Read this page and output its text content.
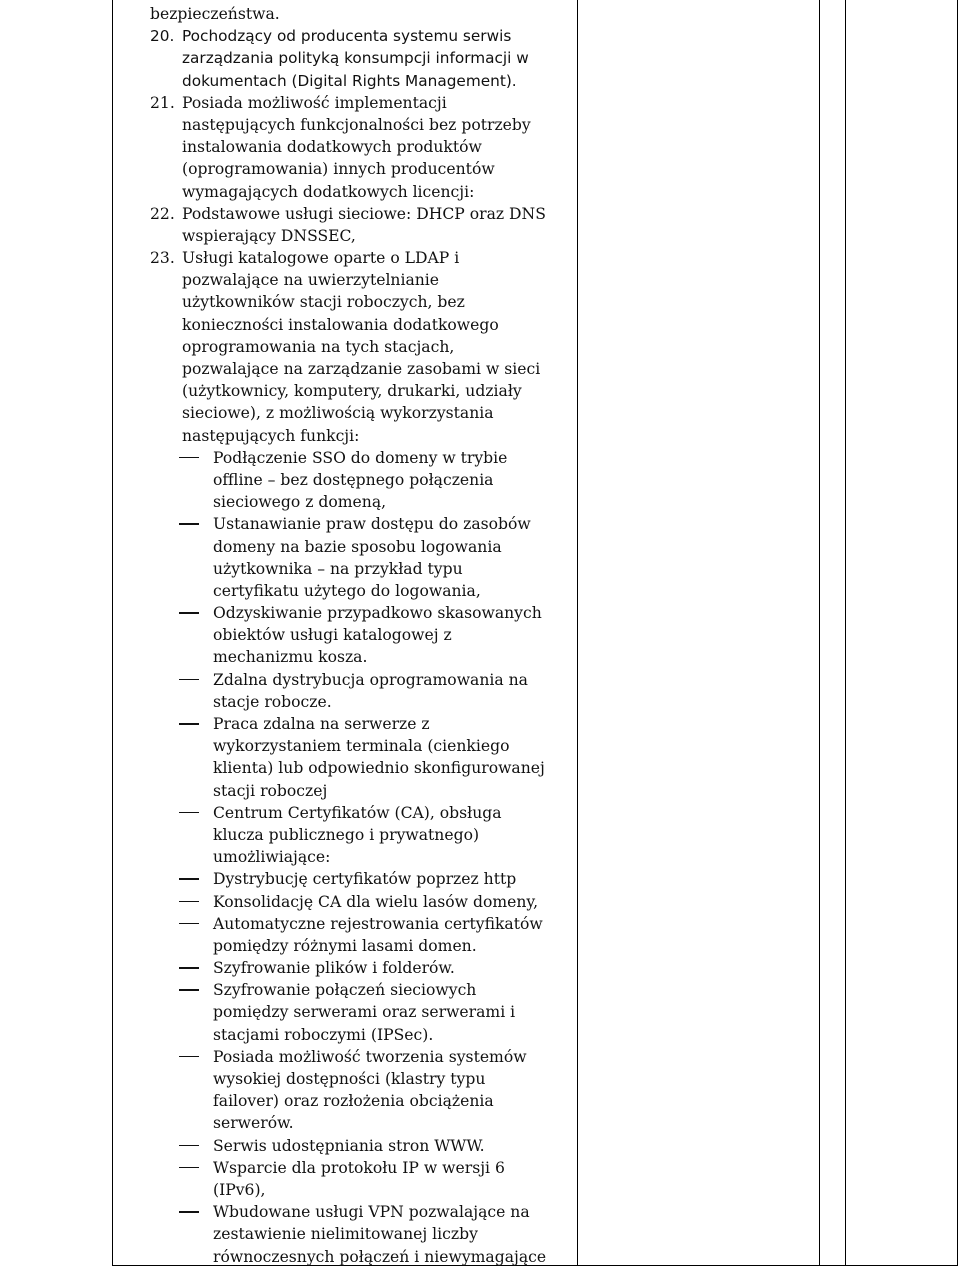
bezpieczeństwa.
20. Pochodzący od producenta systemu serwis
zarządzania polityką konsumpcji informacji w
dokumentach (Digital Rights Management).
21. Posiada możliwość implementacji
następujących funkcjonalności bez potrzeby
instalowania dodatkowych produktów
(oprogramowania) innych producentów
wymagających dodatkowych licencji:
22. Podstawowe usługi sieciowe: DHCP oraz DNS
wspierający DNSSEC,
23. Usługi katalogowe oparte o LDAP i
pozwalające na uwierzytelnianie
użytkowników stacji roboczych, bez
konieczności instalowania dodatkowego
oprogramowania na tych stacjach,
pozwalające na zarządzanie zasobami w sieci
(użytkownicy, komputery, drukarki, udziały
sieciowe), z możliwością wykorzystania
następujących funkcji:
Podłączenie SSO do domeny w trybie
offline – bez dostępnego połączenia
sieciowego z domeną,
Ustanawianie praw dostępu do zasobów
domeny na bazie sposobu logowania
użytkownika – na przykład typu
certyfikatu użytego do logowania,
Odzyskiwanie przypadkowo skasowanych
obiektów usługi katalogowej z
mechanizmu kosza.
Zdalna dystrybucja oprogramowania na
stacje robocze.
Praca zdalna na serwerze z
wykorzystaniem terminala (cienkiego
klienta) lub odpowiednio skonfigurowanej
stacji roboczej
Centrum Certyfikatów (CA), obsługa
klucza publicznego i prywatnego)
umożliwiające:
Dystrybucję certyfikatów poprzez http
Konsolidację CA dla wielu lasów domeny,
Automatyczne rejestrowania certyfikatów
pomiędzy różnymi lasami domen.
Szyfrowanie plików i folderów.
Szyfrowanie połączeń sieciowych
pomiędzy serwerami oraz serwerami i
stacjami roboczymi (IPSec).
Posiada możliwość tworzenia systemów
wysokiej dostępności (klastry typu
failover) oraz rozłożenia obciążenia
serwerów.
Serwis udostępniania stron WWW.
Wsparcie dla protokołu IP w wersji 6
(IPv6),
Wbudowane usługi VPN pozwalające na
zestawienie nielimitowanej liczby
równoczesnych połączeń i niewymagające
